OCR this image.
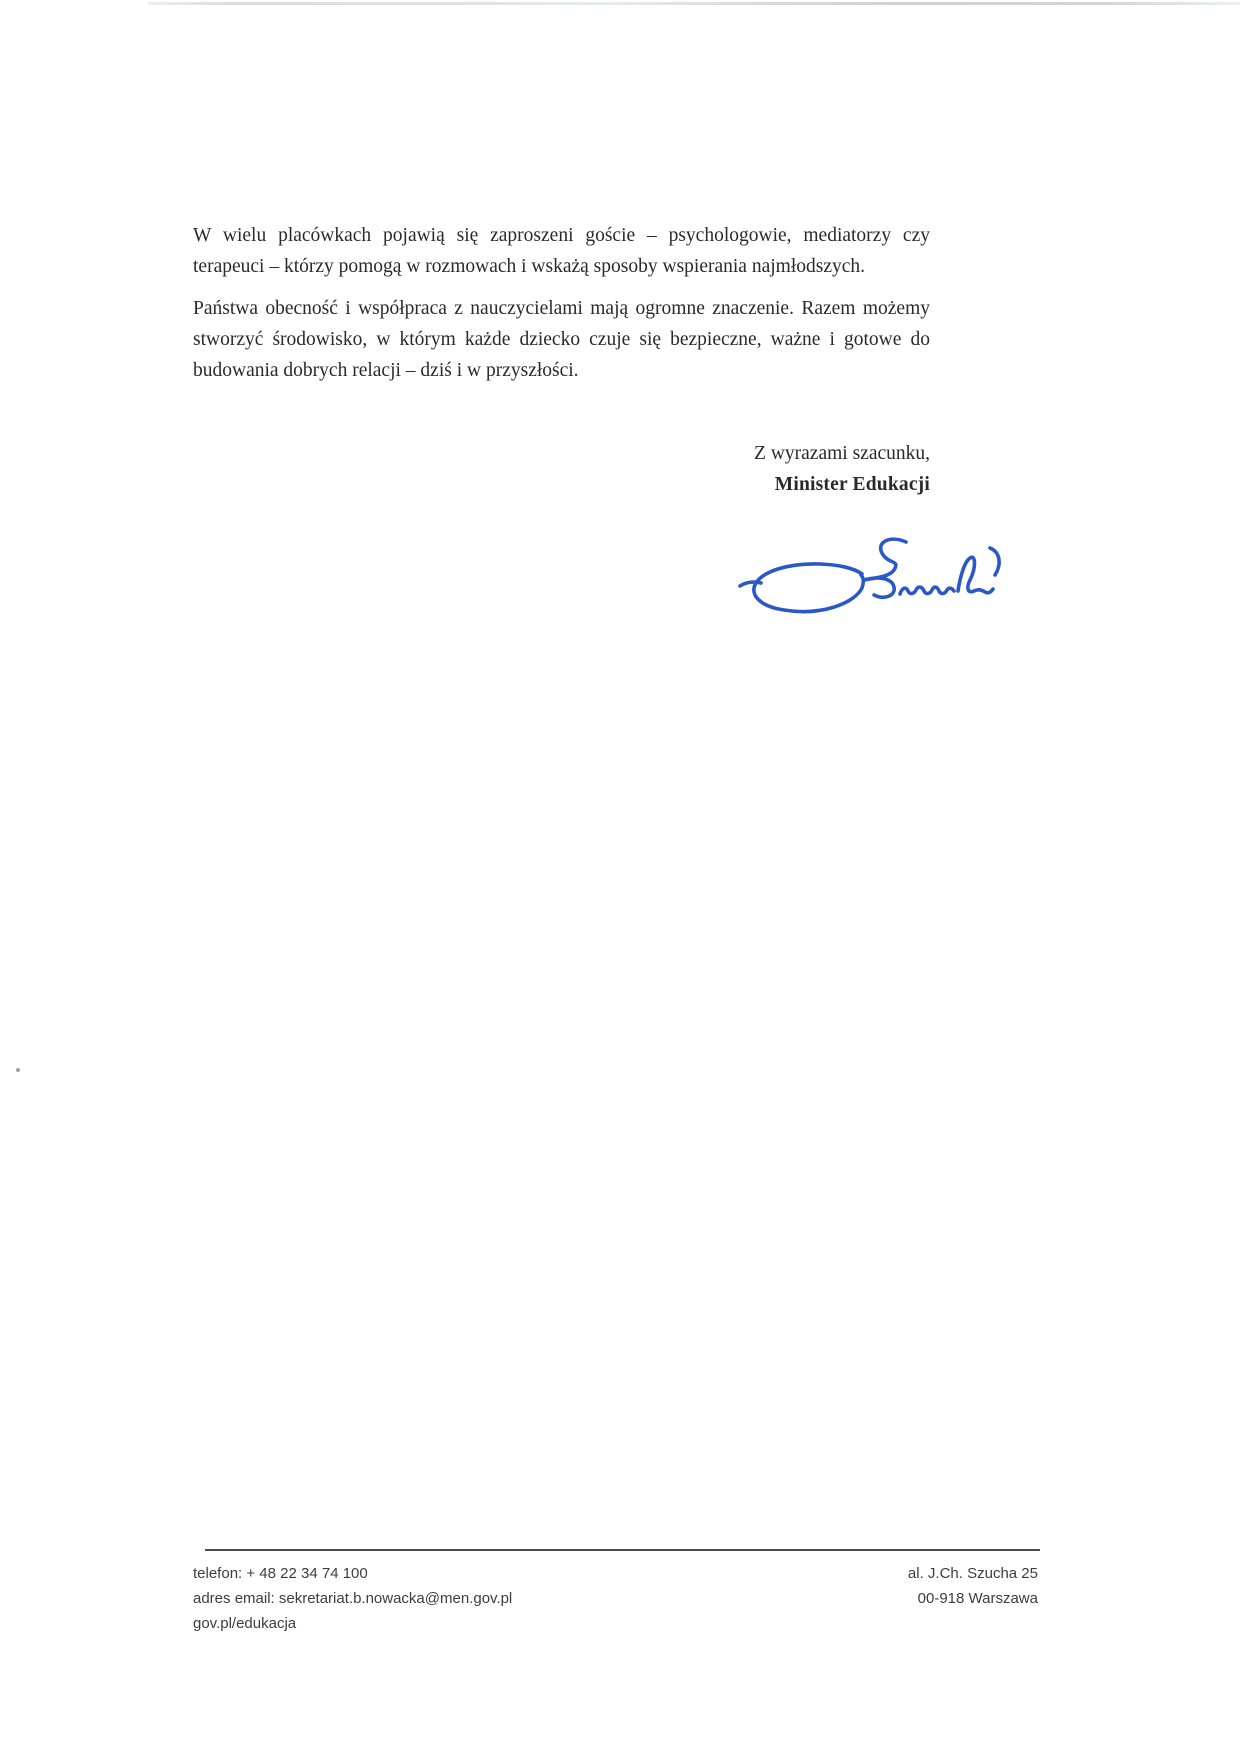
W wielu placówkach pojawią się zaproszeni goście – psychologowie, mediatorzy czy terapeuci – którzy pomogą w rozmowach i wskażą sposoby wspierania najmłodszych.

Państwa obecność i współpraca z nauczycielami mają ogromne znaczenie. Razem możemy stworzyć środowisko, w którym każde dziecko czuje się bezpieczne, ważne i gotowe do budowania dobrych relacji – dziś i w przyszłości.

Z wyrazami szacunku,
Minister Edukacji
telefon: + 48 22 34 74 100
adres email: sekretariat.b.nowacka@men.gov.pl
gov.pl/edukacja
al. J.Ch. Szucha 25
00-918 Warszawa
